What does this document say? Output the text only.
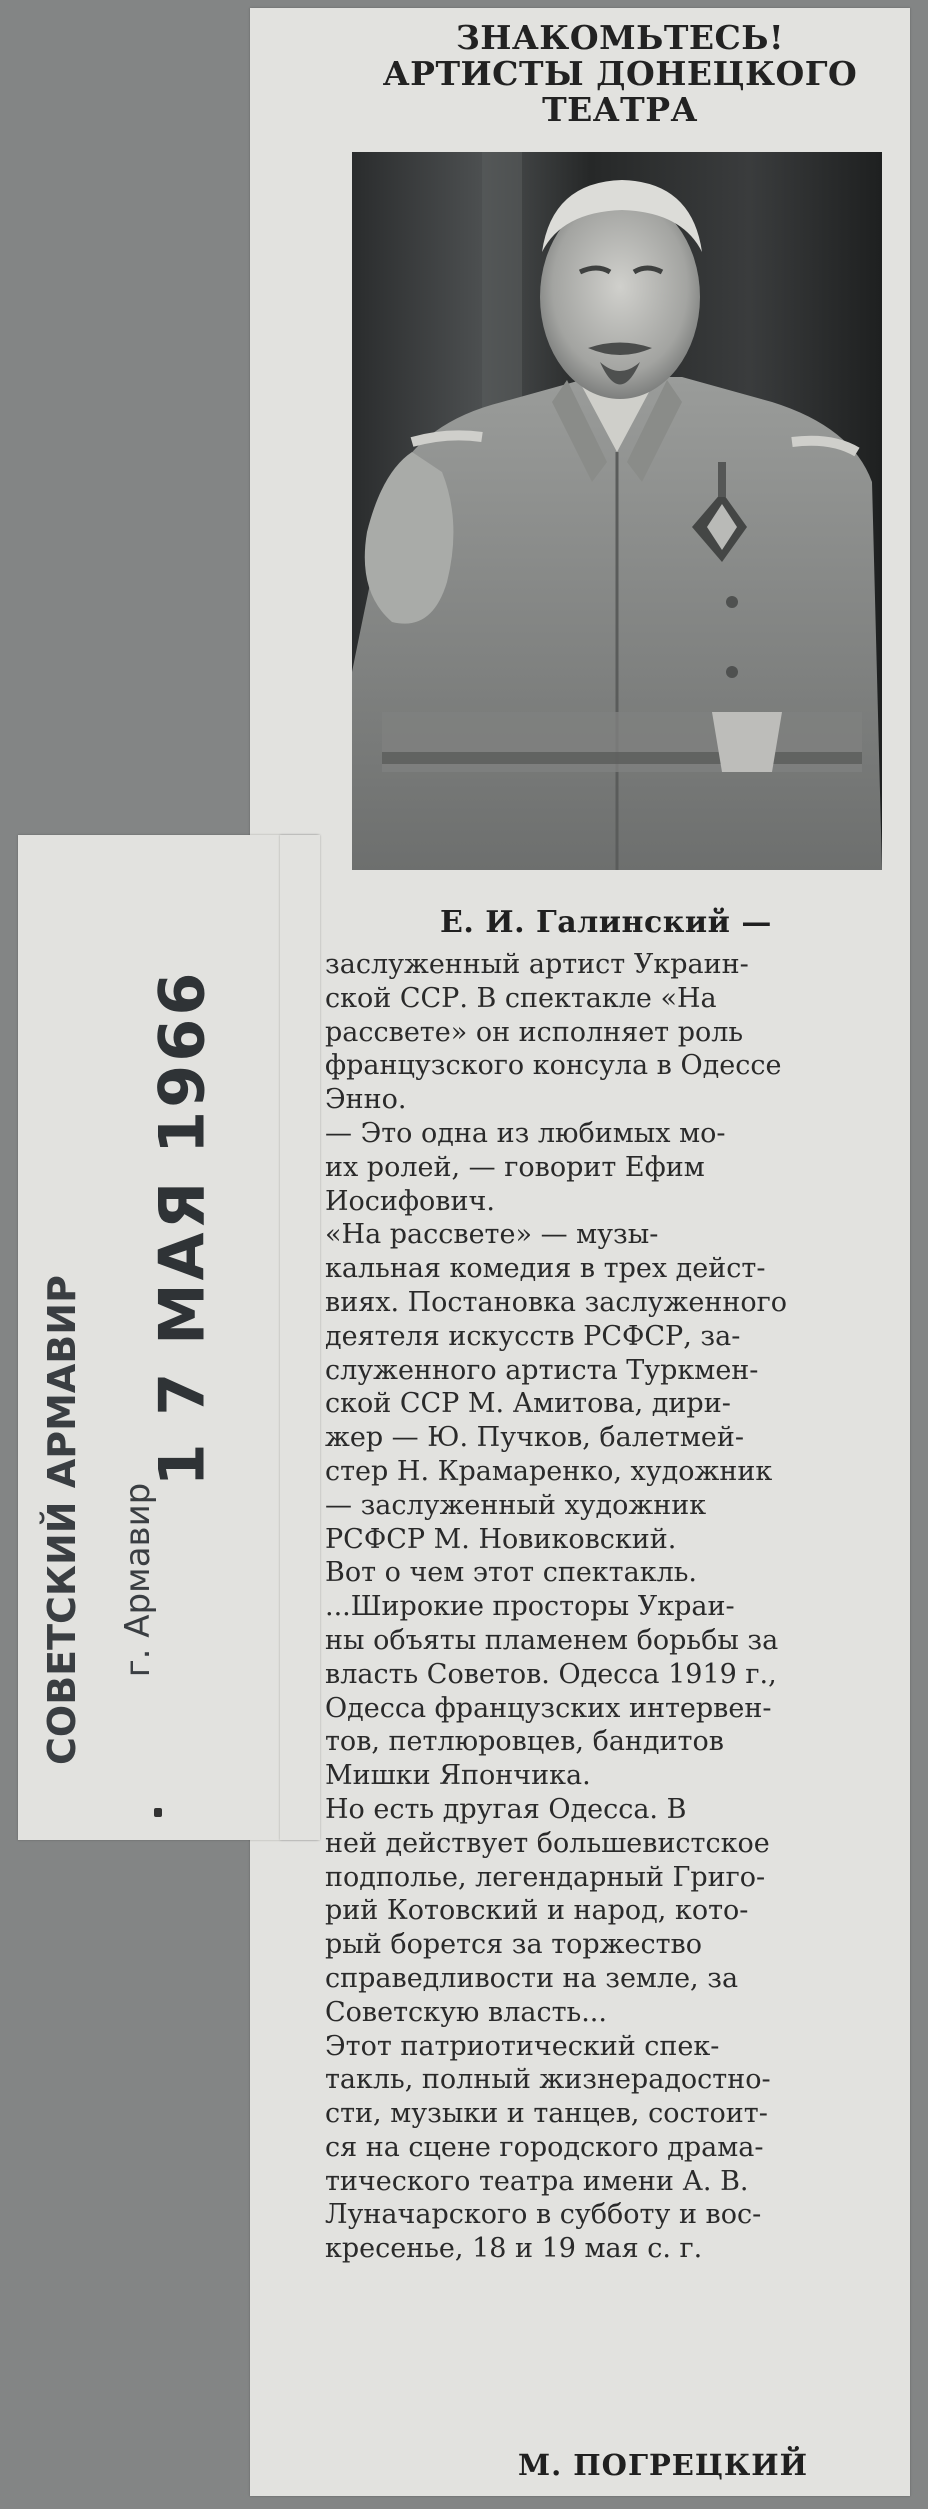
ЗНАКОМЬТЕСЬ!
АРТИСТЫ ДОНЕЦКОГО
ТЕАТРА
Е. И. Галинский —
заслуженный артист Украин-
ской ССР. В спектакле «На
рассвете» он исполняет роль
французского консула в Одессе
Энно.
— Это одна из любимых мо-
их ролей, — говорит Ефим
Иосифович.
«На рассвете» — музы-
кальная комедия в трех дейст-
виях. Постановка заслуженного
деятеля искусств РСФСР, за-
служенного артиста Туркмен-
ской ССР М. Амитова, дири-
жер — Ю. Пучков, балетмей-
стер Н. Крамаренко, художник
— заслуженный художник
РСФСР М. Новиковский.
Вот о чем этот спектакль.
...Широкие просторы Украи-
ны объяты пламенем борьбы за
власть Советов. Одесса 1919 г.,
Одесса французских интервен-
тов, петлюровцев, бандитов
Мишки Япончика.
Но есть другая Одесса. В
ней действует большевистское
подполье, легендарный Григо-
рий Котовский и народ, кото-
рый борется за торжество
справедливости на земле, за
Советскую власть...
Этот патриотический спек-
такль, полный жизнерадостно-
сти, музыки и танцев, состоит-
ся на сцене городского драма-
тического театра имени А. В.
Луначарского в субботу и вос-
кресенье, 18 и 19 мая с. г.
М. ПОГРЕЦКИЙ
1 7 МАЯ 1966
СОВЕТСКИЙ АРМАВИР г. Армавир
